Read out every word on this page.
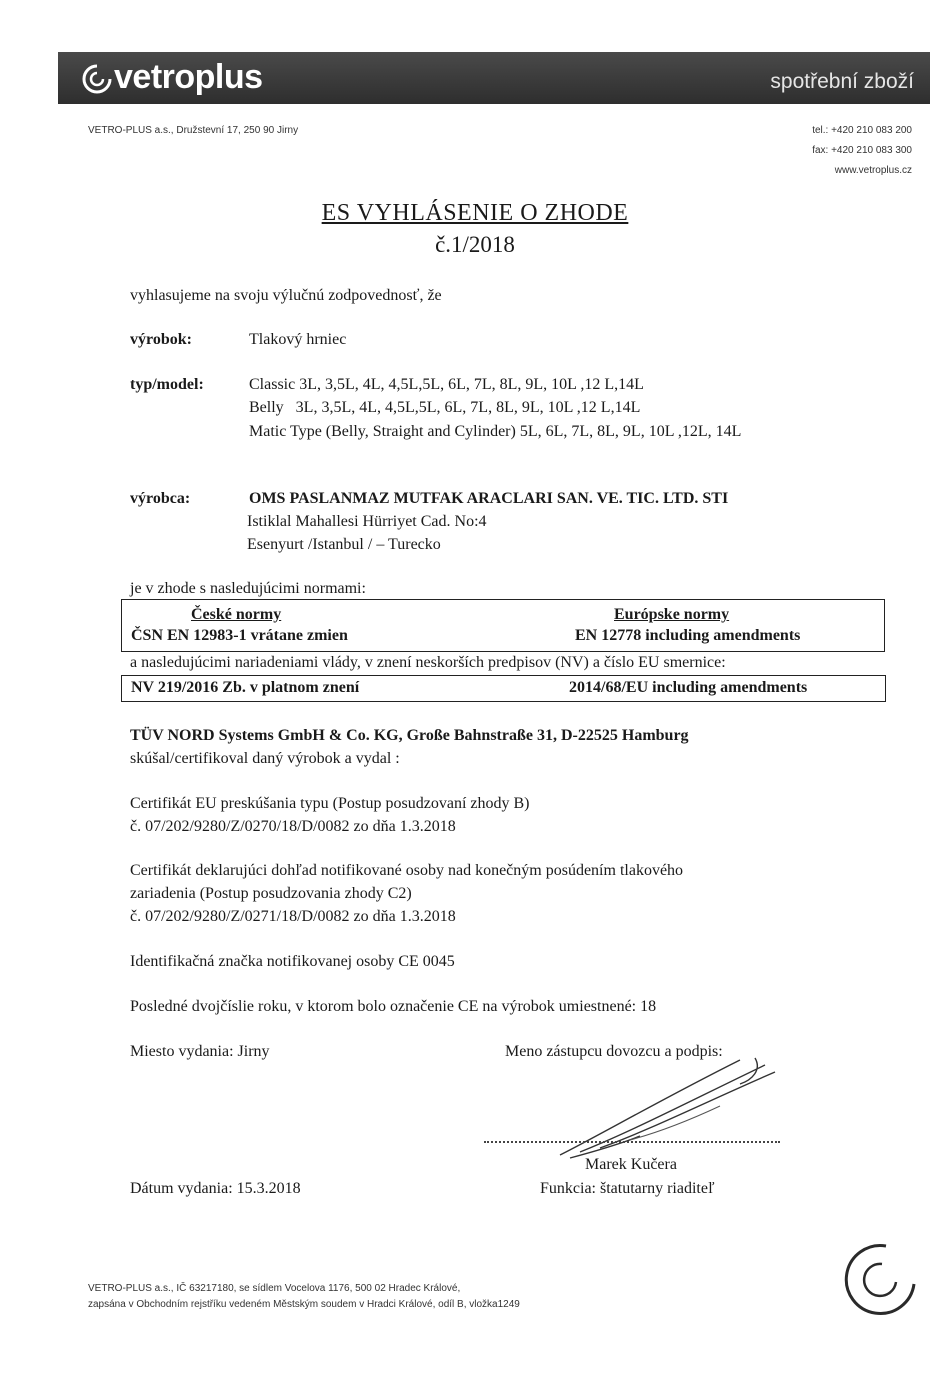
vetroplus	spotřební zboží
VETRO-PLUS a.s., Družstevní 17, 250 90 Jirny	tel.: +420 210 083 200
fax: +420 210 083 300
www.vetroplus.cz
ES VYHLÁSENIE O ZHODE
č.1/2018
vyhlasujeme na svoju výlučnú zodpovednosť, že
výrobok:	Tlakový hrniec
typ/model:	Classic 3L, 3,5L, 4L, 4,5L,5L, 6L, 7L, 8L, 9L, 10L ,12 L,14L
Belly   3L, 3,5L, 4L, 4,5L,5L, 6L, 7L, 8L, 9L, 10L ,12 L,14L
Matic Type (Belly, Straight and Cylinder) 5L, 6L, 7L, 8L, 9L, 10L ,12L, 14L
výrobca:	OMS PASLANMAZ MUTFAK ARACLARI SAN. VE. TIC. LTD. STI
Istiklal Mahallesi Hürriyet Cad. No:4
Esenyurt /Istanbul / – Turecko
je v zhode s nasledujúcimi normami:
České normy	Európske normy
ČSN EN 12983-1 vrátane zmien	EN 12778 including amendments
a nasledujúcimi nariadeniami vlády, v znení neskorších predpisov (NV) a číslo EU smernice:
NV 219/2016 Zb. v platnom znení	2014/68/EU including amendments
TÜV NORD Systems GmbH & Co. KG, Große Bahnstraße 31, D-22525 Hamburg
skúšal/certifikoval daný výrobok a vydal :
Certifikát EU preskúšania typu (Postup posudzovaní zhody B)
č. 07/202/9280/Z/0270/18/D/0082 zo dňa 1.3.2018
Certifikát deklarujúci dohľad notifikované osoby nad konečným posúdením tlakového
zariadenia (Postup posudzovania zhody C2)
č. 07/202/9280/Z/0271/18/D/0082 zo dňa 1.3.2018
Identifikačná značka notifikovanej osoby CE 0045
Posledné dvojčíslie roku, v ktorom bolo označenie CE na výrobok umiestnené: 18
Miesto vydania: Jirny	Meno zástupcu dovozcu a podpis:
Marek Kučera
Dátum vydania: 15.3.2018	Funkcia: štatutarny riaditeľ
VETRO-PLUS a.s., IČ 63217180, se sídlem Vocelova 1176, 500 02 Hradec Králové,
zapsána v Obchodním rejstříku vedeném Městským soudem v Hradci Králové, odíl B, vložka1249
